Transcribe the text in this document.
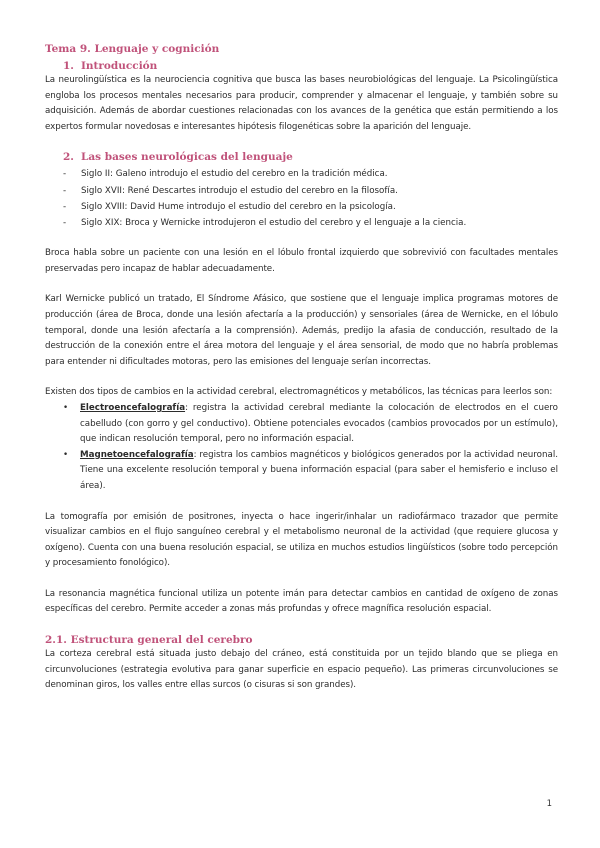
Tema 9. Lenguaje y cognición
1. Introducción

La neurolingüística es la neurociencia cognitiva que busca las bases neurobiológicas del lenguaje. La Psicolingüística engloba los procesos mentales necesarios para producir, comprender y almacenar el lenguaje, y también sobre su adquisición. Además de abordar cuestiones relacionadas con los avances de la genética que están permitiendo a los expertos formular novedosas e interesantes hipótesis filogenéticas sobre la aparición del lenguaje.

2. Las bases neurológicas del lenguaje
- Siglo II: Galeno introdujo el estudio del cerebro en la tradición médica.
- Siglo XVII: René Descartes introdujo el estudio del cerebro en la filosofía.
- Siglo XVIII: David Hume introdujo el estudio del cerebro en la psicología.
- Siglo XIX: Broca y Wernicke introdujeron el estudio del cerebro y el lenguaje a la ciencia.

Broca habla sobre un paciente con una lesión en el lóbulo frontal izquierdo que sobrevivió con facultades mentales preservadas pero incapaz de hablar adecuadamente.

Karl Wernicke publicó un tratado, El Síndrome Afásico, que sostiene que el lenguaje implica programas motores de producción (área de Broca, donde una lesión afectaría a la producción) y sensoriales (área de Wernicke, en el lóbulo temporal, donde una lesión afectaría a la comprensión). Además, predijo la afasia de conducción, resultado de la destrucción de la conexión entre el área motora del lenguaje y el área sensorial, de modo que no habría problemas para entender ni dificultades motoras, pero las emisiones del lenguaje serían incorrectas.

Existen dos tipos de cambios en la actividad cerebral, electromagnéticos y metabólicos, las técnicas para leerlos son:

• Electroencefalografía: registra la actividad cerebral mediante la colocación de electrodos en el cuero cabelludo (con gorro y gel conductivo). Obtiene potenciales evocados (cambios provocados por un estímulo), que indican resolución temporal, pero no información espacial.
• Magnetoencefalografía: registra los cambios magnéticos y biológicos generados por la actividad neuronal. Tiene una excelente resolución temporal y buena información espacial (para saber el hemisferio e incluso el área).

La tomografía por emisión de positrones, inyecta o hace ingerir/inhalar un radiofármaco trazador que permite visualizar cambios en el flujo sanguíneo cerebral y el metabolismo neuronal de la actividad (que requiere glucosa y oxígeno). Cuenta con una buena resolución espacial, se utiliza en muchos estudios lingüísticos (sobre todo percepción y procesamiento fonológico).

La resonancia magnética funcional utiliza un potente imán para detectar cambios en cantidad de oxígeno de zonas específicas del cerebro. Permite acceder a zonas más profundas y ofrece magnífica resolución espacial.

2.1. Estructura general del cerebro

La corteza cerebral está situada justo debajo del cráneo, está constituida por un tejido blando que se pliega en circunvoluciones (estrategia evolutiva para ganar superficie en espacio pequeño). Las primeras circunvoluciones se denominan giros, los valles entre ellas surcos (o cisuras si son grandes).

1
